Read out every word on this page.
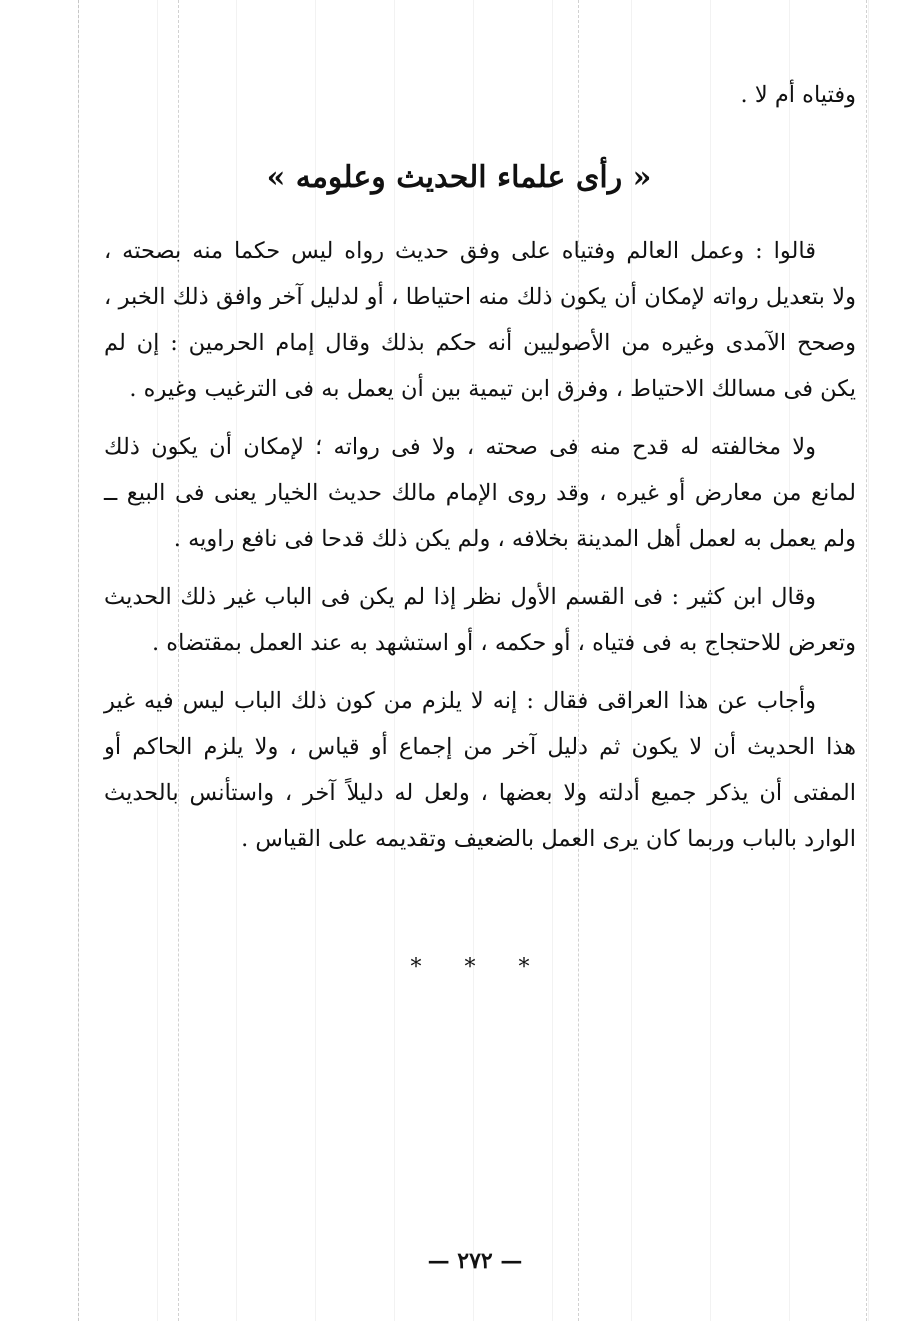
وفتياه أم لا .
« رأى علماء الحديث وعلومه »
قالوا : وعمل العالم وفتياه على وفق حديث رواه ليس حكما منه بصحته ،
ولا بتعديل رواته لإمكان أن يكون ذلك منه احتياطا ، أو لدليل آخر وافق ذلك الخبر ،
وصحح الآمدى وغيره من الأصوليين أنه حكم بذلك وقال إمام الحرمين : إن لم
يكن فى مسالك الاحتياط ، وفرق ابن تيمية بين أن يعمل به فى الترغيب وغيره .
ولا مخالفته له قدح منه فى صحته ، ولا فى رواته ؛ لإمكان أن يكون ذلك
لمانع من معارض أو غيره ، وقد روى الإمام مالك حديث الخيار يعنى فى البيع ــ
ولم يعمل به لعمل أهل المدينة بخلافه ، ولم يكن ذلك قدحا فى نافع راويه .
وقال ابن كثير : فى القسم الأول نظر إذا لم يكن فى الباب غير ذلك الحديث
وتعرض للاحتجاج به فى فتياه ، أو حكمه ، أو استشهد به عند العمل بمقتضاه .
وأجاب عن هذا العراقى فقال : إنه لا يلزم من كون ذلك الباب ليس فيه غير
هذا الحديث أن لا يكون ثم دليل آخر من إجماع أو قياس ، ولا يلزم الحاكم أو
المفتى أن يذكر جميع أدلته ولا بعضها ، ولعل له دليلاً آخر ، واستأنس بالحديث
الوارد بالباب وربما كان يرى العمل بالضعيف وتقديمه على القياس .
* * *
— ٢٧٢ —
